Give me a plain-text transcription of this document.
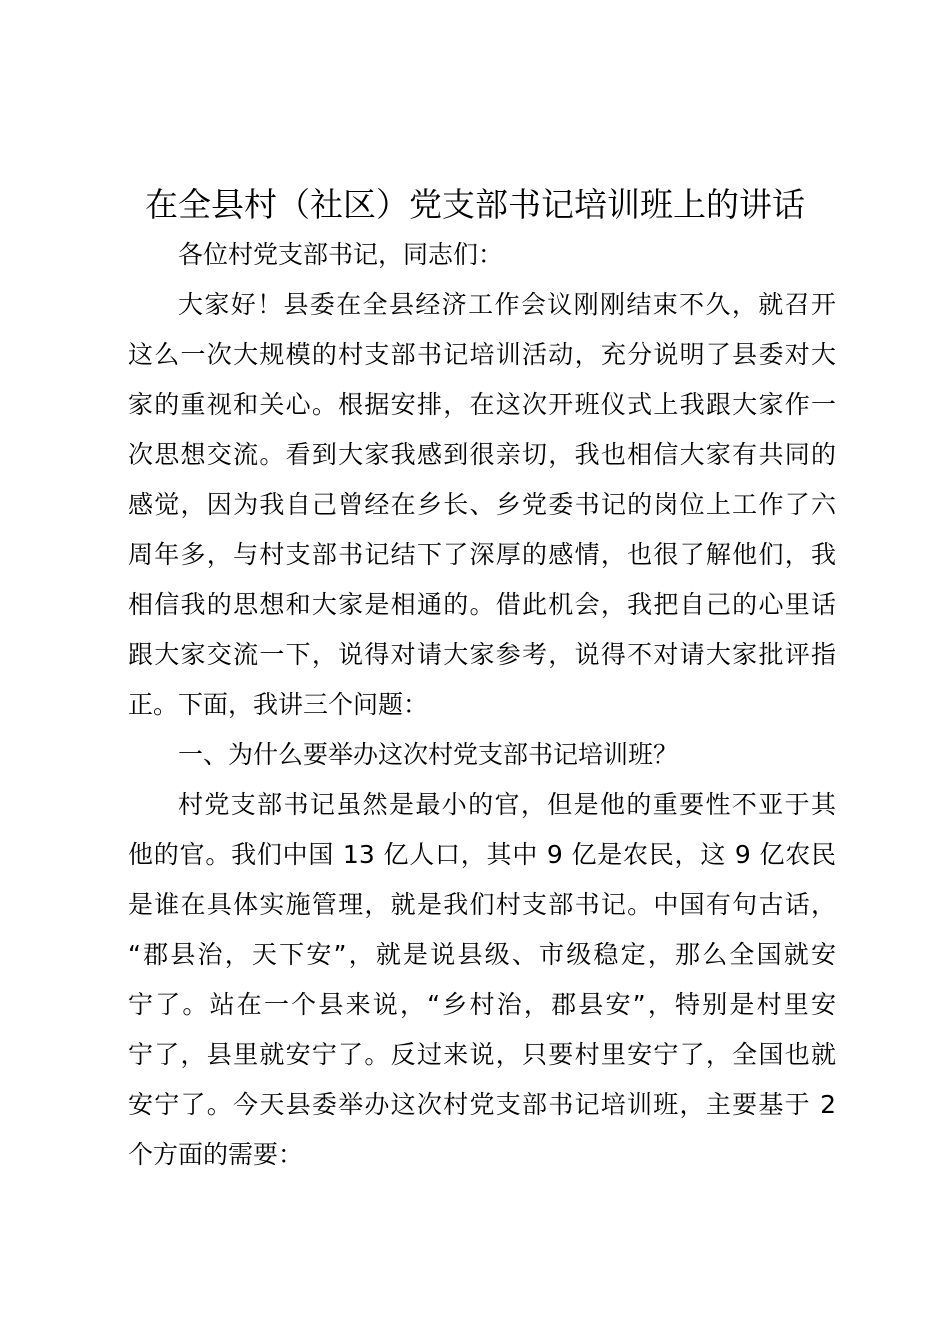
在全县村（社区）党支部书记培训班上的讲话
各位村党支部书记，同志们：
大家好！县委在全县经济工作会议刚刚结束不久，就召开
这么一次大规模的村支部书记培训活动，充分说明了县委对大
家的重视和关心。根据安排，在这次开班仪式上我跟大家作一
次思想交流。看到大家我感到很亲切，我也相信大家有共同的
感觉，因为我自己曾经在乡长、乡党委书记的岗位上工作了六
周年多，与村支部书记结下了深厚的感情，也很了解他们，我
相信我的思想和大家是相通的。借此机会，我把自己的心里话
跟大家交流一下，说得对请大家参考，说得不对请大家批评指
正。下面，我讲三个问题：
一、为什么要举办这次村党支部书记培训班？
村党支部书记虽然是最小的官，但是他的重要性不亚于其
他的官。我们中国 13 亿人口，其中 9 亿是农民，这 9 亿农民
是谁在具体实施管理，就是我们村支部书记。中国有句古话，
“郡县治，天下安”，就是说县级、市级稳定，那么全国就安
宁了。站在一个县来说，“乡村治，郡县安”，特别是村里安
宁了，县里就安宁了。反过来说，只要村里安宁了，全国也就
安宁了。今天县委举办这次村党支部书记培训班，主要基于 2
个方面的需要：
